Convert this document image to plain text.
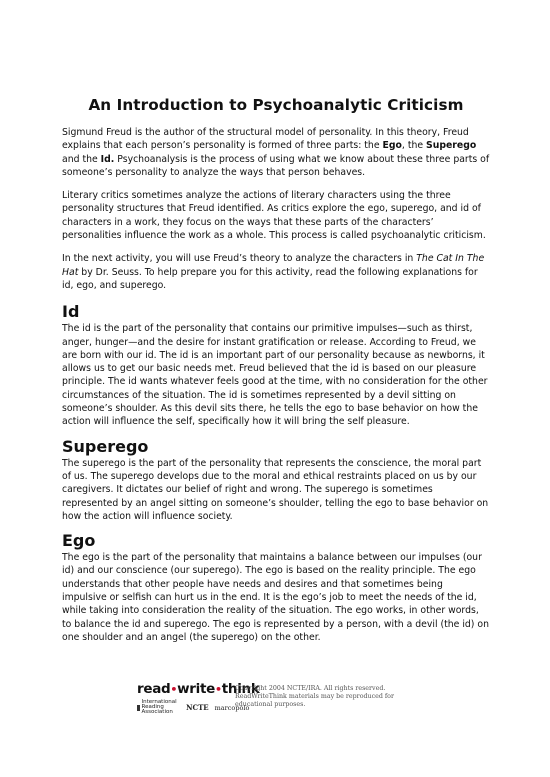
An Introduction to Psychoanalytic Criticism

Sigmund Freud is the author of the structural model of personality. In this theory, Freud explains that each person’s personality is formed of three parts: the Ego, the Superego and the Id. Psychoanalysis is the process of using what we know about these three parts of someone’s personality to analyze the ways that person behaves.

Literary critics sometimes analyze the actions of literary characters using the three personality structures that Freud identified. As critics explore the ego, superego, and id of characters in a work, they focus on the ways that these parts of the characters’ personalities influence the work as a whole. This process is called psychoanalytic criticism.

In the next activity, you will use Freud’s theory to analyze the characters in The Cat In The Hat by Dr. Seuss. To help prepare you for this activity, read the following explanations for id, ego, and superego.

Id

The id is the part of the personality that contains our primitive impulses—such as thirst, anger, hunger—and the desire for instant gratification or release. According to Freud, we are born with our id. The id is an important part of our personality because as newborns, it allows us to get our basic needs met. Freud believed that the id is based on our pleasure principle. The id wants whatever feels good at the time, with no consideration for the other circumstances of the situation. The id is sometimes represented by a devil sitting on someone’s shoulder. As this devil sits there, he tells the ego to base behavior on how the action will influence the self, specifically how it will bring the self pleasure.

Superego

The superego is the part of the personality that represents the conscience, the moral part of us. The superego develops due to the moral and ethical restraints placed on us by our caregivers. It dictates our belief of right and wrong. The superego is sometimes represented by an angel sitting on someone’s shoulder, telling the ego to base behavior on how the action will influence society.

Ego

The ego is the part of the personality that maintains a balance between our impulses (our id) and our conscience (our superego). The ego is based on the reality principle. The ego understands that other people have needs and desires and that sometimes being impulsive or selfish can hurt us in the end. It is the ego’s job to meet the needs of the id, while taking into consideration the reality of the situation. The ego works, in other words, to balance the id and superego. The ego is represented by a person, with a devil (the id) on one shoulder and an angel (the superego) on the other.

read•write•think
International Reading Association	NCTE marcopolo
Copyright 2004 NCTE/IRA. All rights reserved. ReadWriteThink materials may be reproduced for educational purposes.
